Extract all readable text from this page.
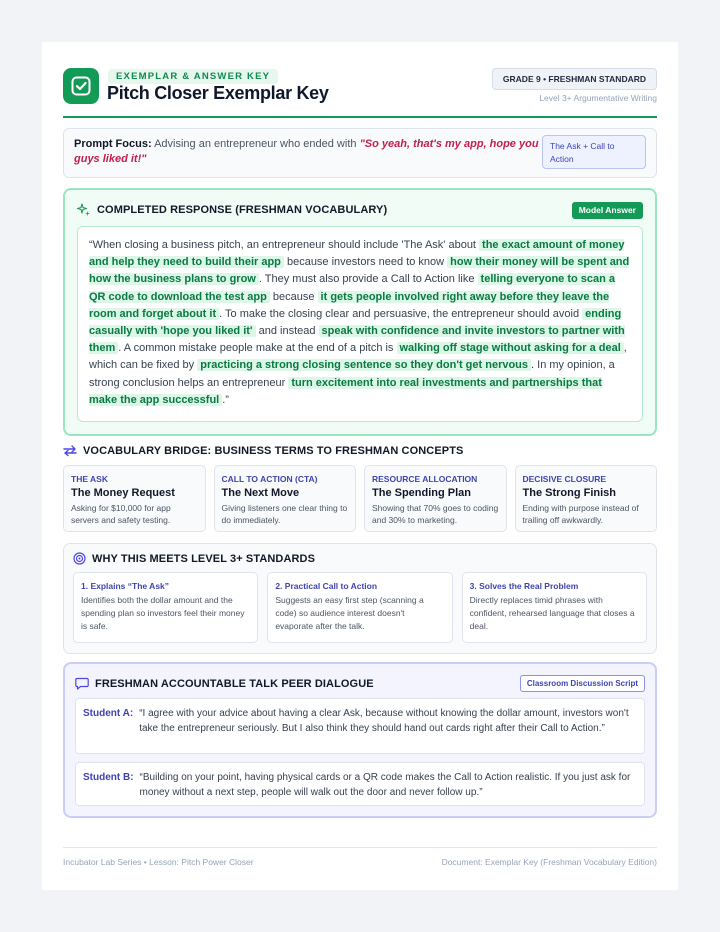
EXEMPLAR & ANSWER KEY
Pitch Closer Exemplar Key
GRADE 9 • FRESHMAN STANDARD
Level 3+ Argumentative Writing
Prompt Focus: Advising an entrepreneur who ended with "So yeah, that's my app, hope you guys liked it!"
The Ask + Call to Action
COMPLETED RESPONSE (FRESHMAN VOCABULARY)	Model Answer
“When closing a business pitch, an entrepreneur should include 'The Ask' about the exact amount of money and help they need to build their app because investors need to know how their money will be spent and how the business plans to grow . They must also provide a Call to Action like telling everyone to scan a QR code to download the test app because it gets people involved right away before they leave the room and forget about it . To make the closing clear and persuasive, the entrepreneur should avoid ending casually with 'hope you liked it' and instead speak with confidence and invite investors to partner with them . A common mistake people make at the end of a pitch is walking off stage without asking for a deal , which can be fixed by practicing a strong closing sentence so they don't get nervous . In my opinion, a strong conclusion helps an entrepreneur turn excitement into real investments and partnerships that make the app successful .”
VOCABULARY BRIDGE: BUSINESS TERMS TO FRESHMAN CONCEPTS
THE ASK
The Money Request
Asking for $10,000 for app servers and safety testing.
CALL TO ACTION (CTA)
The Next Move
Giving listeners one clear thing to do immediately.
RESOURCE ALLOCATION
The Spending Plan
Showing that 70% goes to coding and 30% to marketing.
DECISIVE CLOSURE
The Strong Finish
Ending with purpose instead of trailing off awkwardly.
WHY THIS MEETS LEVEL 3+ STANDARDS
1. Explains “The Ask”
Identifies both the dollar amount and the spending plan so investors feel their money is safe.
2. Practical Call to Action
Suggests an easy first step (scanning a code) so audience interest doesn't evaporate after the talk.
3. Solves the Real Problem
Directly replaces timid phrases with confident, rehearsed language that closes a deal.
FRESHMAN ACCOUNTABLE TALK PEER DIALOGUE	Classroom Discussion Script
Student A: “I agree with your advice about having a clear Ask, because without knowing the dollar amount, investors won't take the entrepreneur seriously. But I also think they should hand out cards right after their Call to Action.”
Student B: “Building on your point, having physical cards or a QR code makes the Call to Action realistic. If you just ask for money without a next step, people will walk out the door and never follow up.”
Incubator Lab Series • Lesson: Pitch Power Closer	Document: Exemplar Key (Freshman Vocabulary Edition)
